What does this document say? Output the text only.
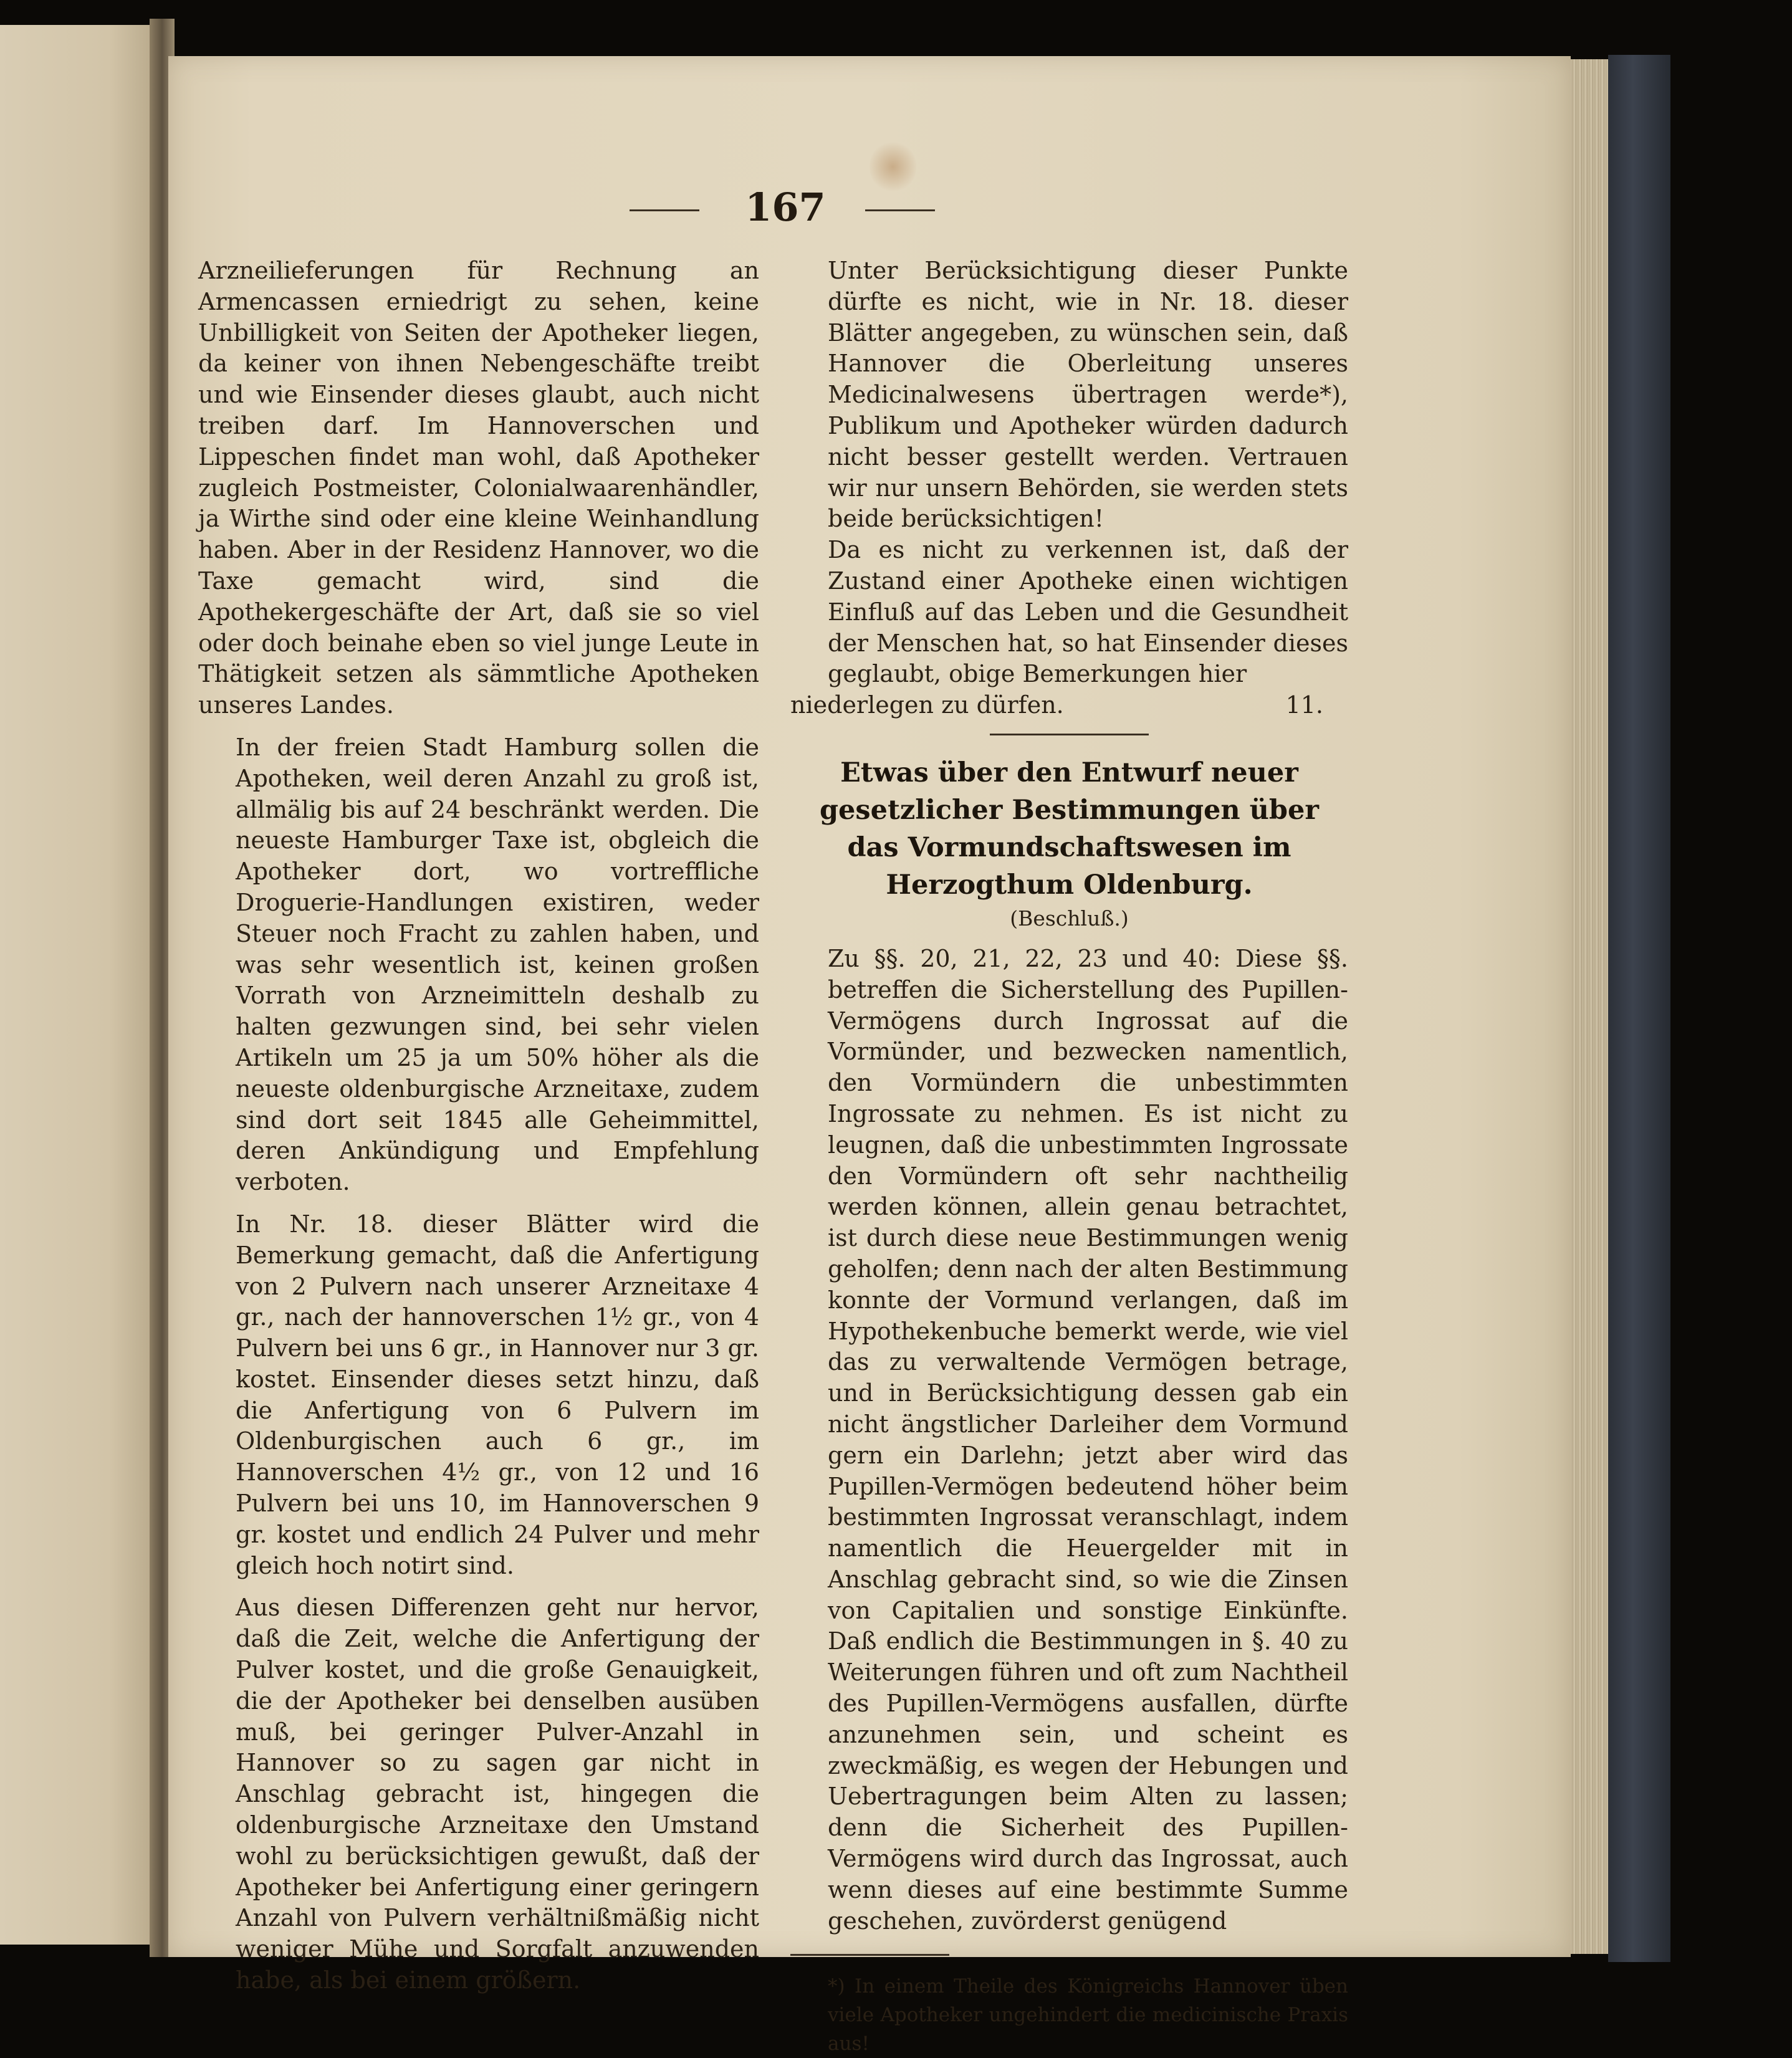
167

Arzneilieferungen für Rechnung an Armencassen erniedrigt zu sehen, keine Unbilligkeit von Seiten der Apotheker liegen, da keiner von ihnen Nebengeschäfte treibt und wie Einsender dieses glaubt, auch nicht treiben darf. Im Hannoverschen und Lippeschen findet man wohl, daß Apotheker zugleich Postmeister, Colonialwaarenhändler, ja Wirthe sind oder eine kleine Weinhandlung haben. Aber in der Residenz Hannover, wo die Taxe gemacht wird, sind die Apothekergeschäfte der Art, daß sie so viel oder doch beinahe eben so viel junge Leute in Thätigkeit setzen als sämmtliche Apotheken unseres Landes.

In der freien Stadt Hamburg sollen die Apotheken, weil deren Anzahl zu groß ist, allmälig bis auf 24 beschränkt werden. Die neueste Hamburger Taxe ist, obgleich die Apotheker dort, wo vortreffliche Droguerie-Handlungen existiren, weder Steuer noch Fracht zu zahlen haben, und was sehr wesentlich ist, keinen großen Vorrath von Arzneimitteln deshalb zu halten gezwungen sind, bei sehr vielen Artikeln um 25 ja um 50% höher als die neueste oldenburgische Arzneitaxe, zudem sind dort seit 1845 alle Geheimmittel, deren Ankündigung und Empfehlung verboten.

In Nr. 18. dieser Blätter wird die Bemerkung gemacht, daß die Anfertigung von 2 Pulvern nach unserer Arzneitaxe 4 gr., nach der hannoverschen 1½ gr., von 4 Pulvern bei uns 6 gr., in Hannover nur 3 gr. kostet. Einsender dieses setzt hinzu, daß die Anfertigung von 6 Pulvern im Oldenburgischen auch 6 gr., im Hannoverschen 4½ gr., von 12 und 16 Pulvern bei uns 10, im Hannoverschen 9 gr. kostet und endlich 24 Pulver und mehr gleich hoch notirt sind.

Aus diesen Differenzen geht nur hervor, daß die Zeit, welche die Anfertigung der Pulver kostet, und die große Genauigkeit, die der Apotheker bei denselben ausüben muß, bei geringer Pulver-Anzahl in Hannover so zu sagen gar nicht in Anschlag gebracht ist, hingegen die oldenburgische Arzneitaxe den Umstand wohl zu berücksichtigen gewußt, daß der Apotheker bei Anfertigung einer geringern Anzahl von Pulvern verhältnißmäßig nicht weniger Mühe und Sorgfalt anzuwenden habe, als bei einem größern.

Unter Berücksichtigung dieser Punkte dürfte es nicht, wie in Nr. 18. dieser Blätter angegeben, zu wünschen sein, daß Hannover die Oberleitung unseres Medicinalwesens übertragen werde*), Publikum und Apotheker würden dadurch nicht besser gestellt werden. Vertrauen wir nur unsern Behörden, sie werden stets beide berücksichtigen!

Da es nicht zu verkennen ist, daß der Zustand einer Apotheke einen wichtigen Einfluß auf das Leben und die Gesundheit der Menschen hat, so hat Einsender dieses geglaubt, obige Bemerkungen hier

niederlegen zu dürfen.	11.
Etwas über den Entwurf neuer gesetzlicher Bestimmungen über das Vormundschaftswesen im Herzogthum Oldenburg.
(Beschluß.)

Zu §§. 20, 21, 22, 23 und 40: Diese §§. betreffen die Sicherstellung des Pupillen-Vermögens durch Ingrossat auf die Vormünder, und bezwecken namentlich, den Vormündern die unbestimmten Ingrossate zu nehmen. Es ist nicht zu leugnen, daß die unbestimmten Ingrossate den Vormündern oft sehr nachtheilig werden können, allein genau betrachtet, ist durch diese neue Bestimmungen wenig geholfen; denn nach der alten Bestimmung konnte der Vormund verlangen, daß im Hypothekenbuche bemerkt werde, wie viel das zu verwaltende Vermögen betrage, und in Berücksichtigung dessen gab ein nicht ängstlicher Darleiher dem Vormund gern ein Darlehn; jetzt aber wird das Pupillen-Vermögen bedeutend höher beim bestimmten Ingrossat veranschlagt, indem namentlich die Heuergelder mit in Anschlag gebracht sind, so wie die Zinsen von Capitalien und sonstige Einkünfte. Daß endlich die Bestimmungen in §. 40 zu Weiterungen führen und oft zum Nachtheil des Pupillen-Vermögens ausfallen, dürfte anzunehmen sein, und scheint es zweckmäßig, es wegen der Hebungen und Uebertragungen beim Alten zu lassen; denn die Sicherheit des Pupillen-Vermögens wird durch das Ingrossat, auch wenn dieses auf eine bestimmte Summe geschehen, zuvörderst genügend

*) In einem Theile des Königreichs Hannover üben viele Apotheker ungehindert die medicinische Praxis aus!
